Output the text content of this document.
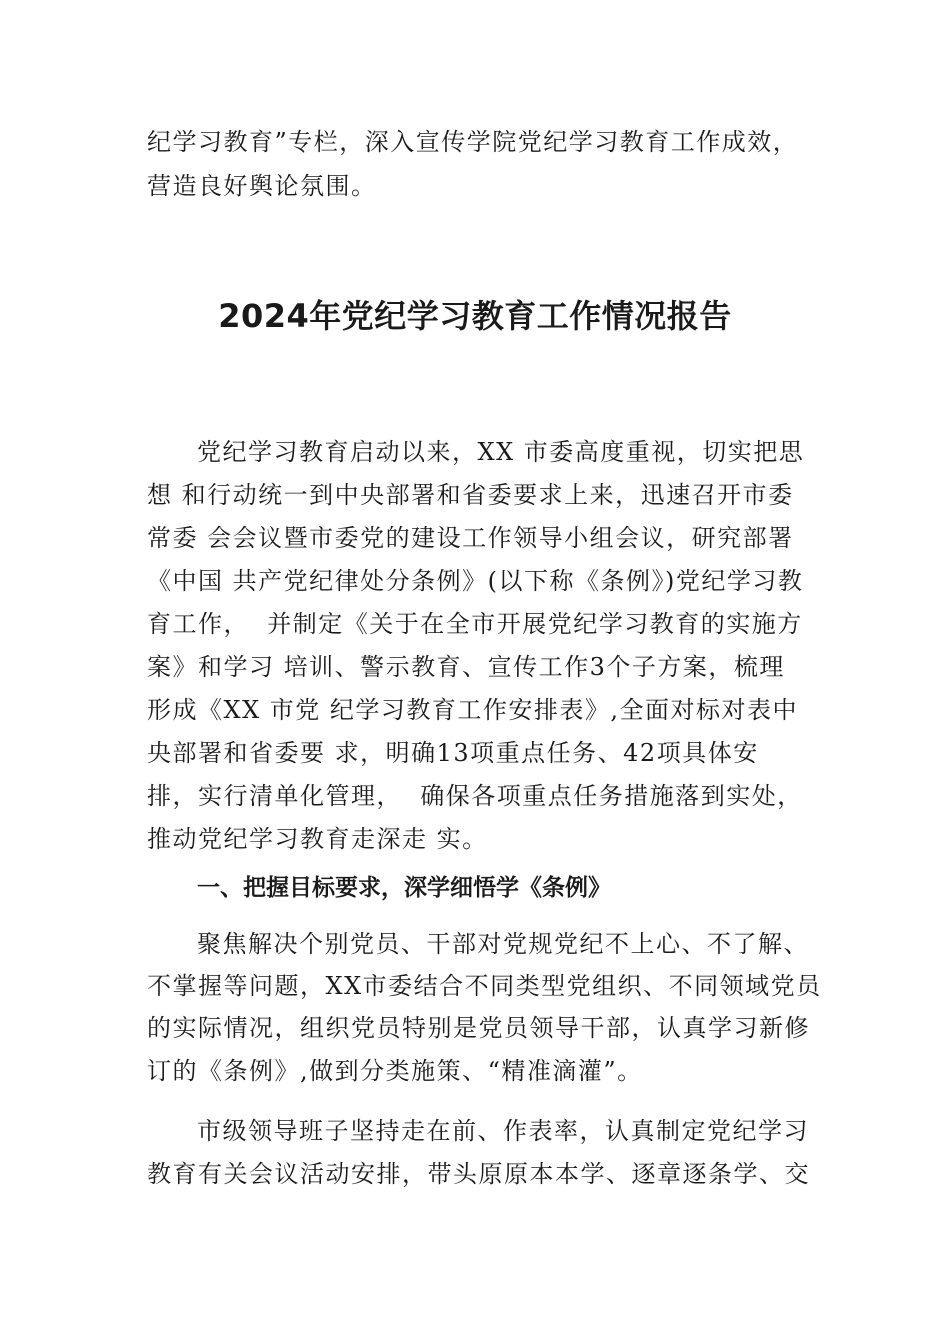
纪学习教育”专栏，深入宣传学院党纪学习教育工作成效，
营造良好舆论氛围。
2024年党纪学习教育工作情况报告
党纪学习教育启动以来，XX 市委高度重视，切实把思
想 和行动统一到中央部署和省委要求上来，迅速召开市委
常委 会会议暨市委党的建设工作领导小组会议，研究部署
《中国 共产党纪律处分条例》(以下称《条例》)党纪学习教
育工作，  并制定《关于在全市开展党纪学习教育的实施方
案》和学习 培训、警示教育、宣传工作3个子方案，梳理
形成《XX 市党 纪学习教育工作安排表》,全面对标对表中
央部署和省委要 求，明确13项重点任务、42项具体安
排，实行清单化管理，  确保各项重点任务措施落到实处，
推动党纪学习教育走深走 实。
一、把握目标要求，深学细悟学《条例》
聚焦解决个别党员、干部对党规党纪不上心、不了解、
不掌握等问题，XX市委结合不同类型党组织、不同领域党员
的实际情况，组织党员特别是党员领导干部，认真学习新修
订的《条例》,做到分类施策、“精准滴灌”。
市级领导班子坚持走在前、作表率，认真制定党纪学习
教育有关会议活动安排，带头原原本本学、逐章逐条学、交
